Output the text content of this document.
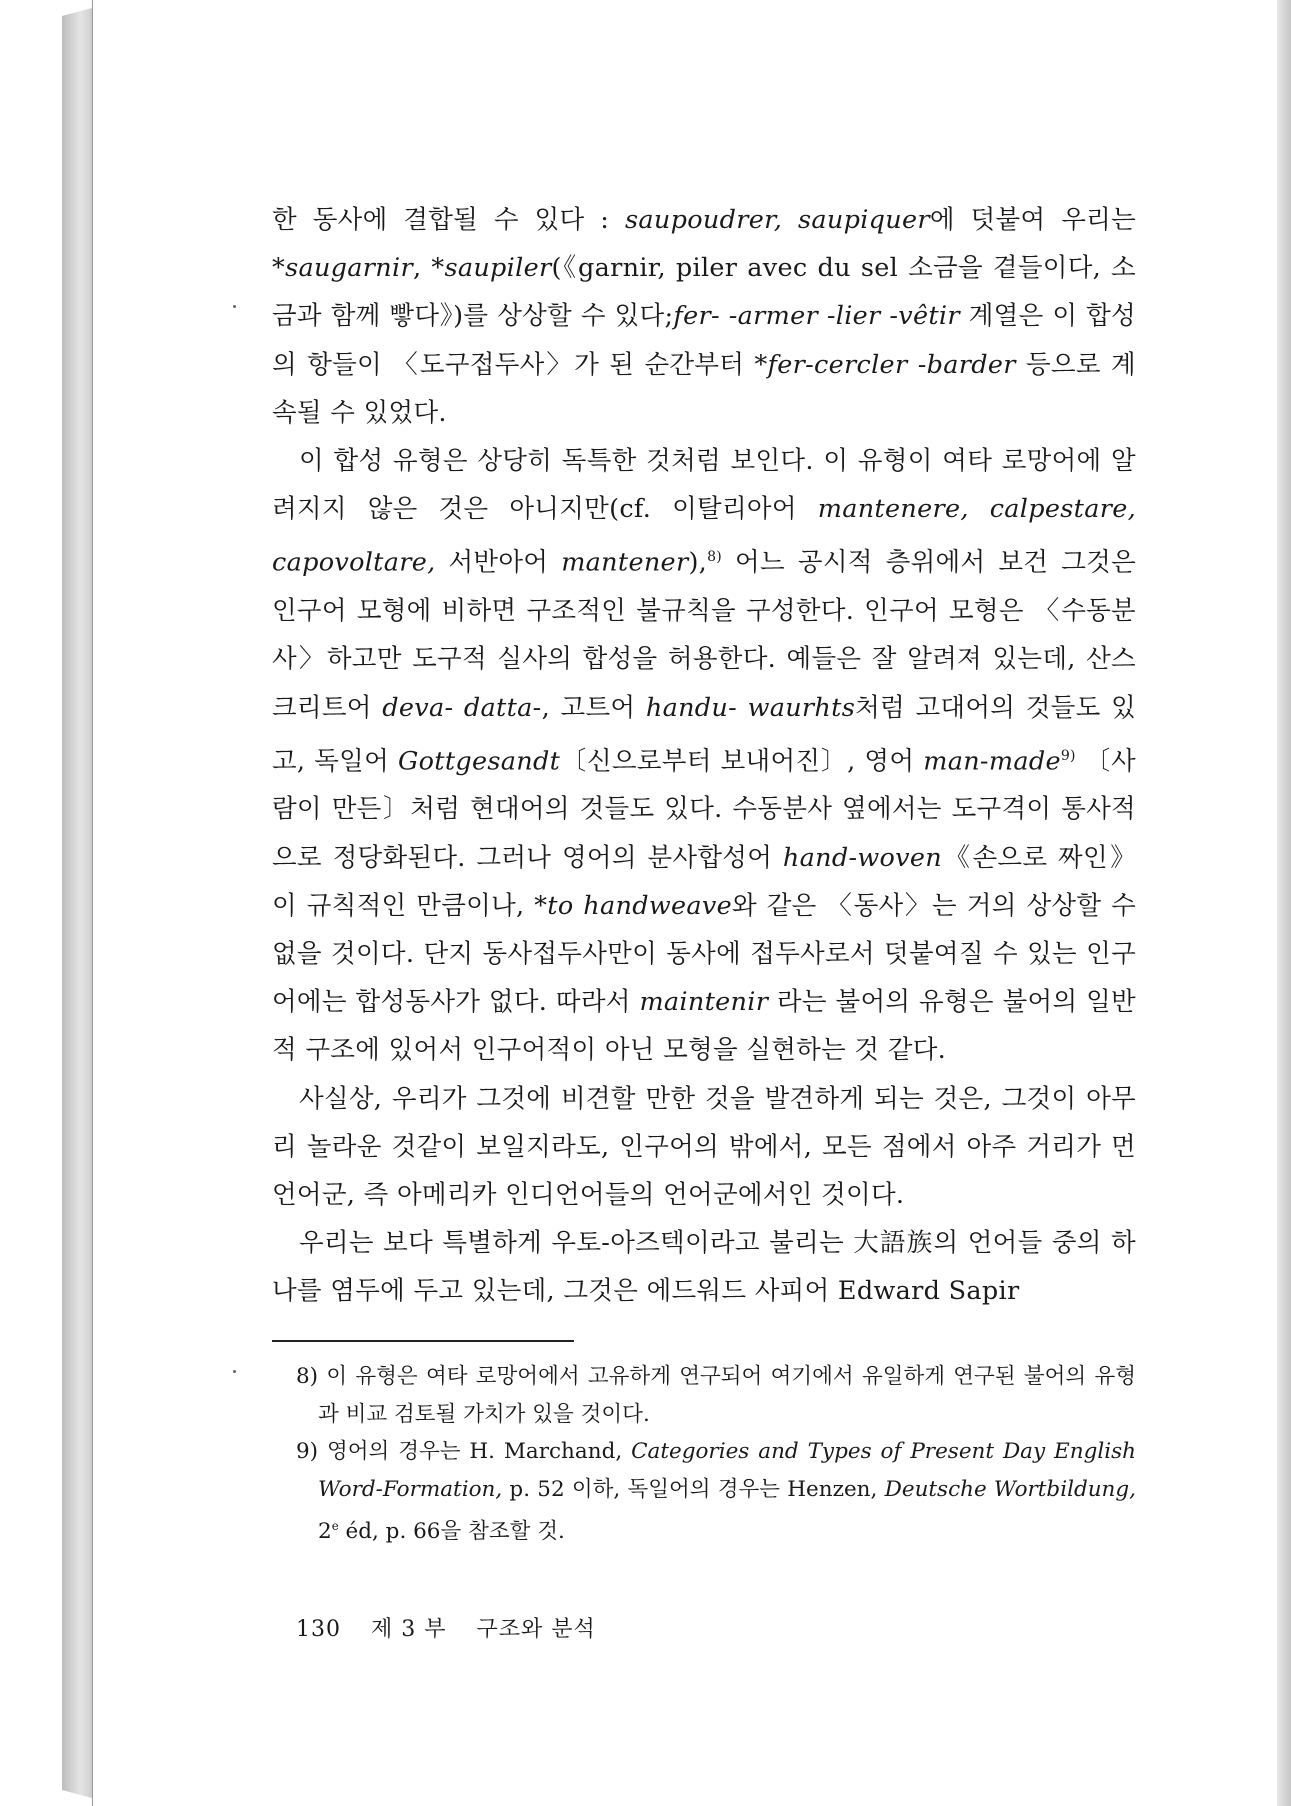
한 동사에 결합될 수 있다 : saupoudrer, saupiquer에 덧붙여 우리는 *saugarnir, *saupiler(《garnir, piler avec du sel 소금을 곁들이다, 소금과 함께 빻다》)를 상상할 수 있다;fer- -armer -lier -vêtir 계열은 이 합성의 항들이 〈도구접두사〉가 된 순간부터 *fer-cercler -barder 등으로 계속될 수 있었다.

이 합성 유형은 상당히 독특한 것처럼 보인다. 이 유형이 여타 로망어에 알려지지 않은 것은 아니지만(cf. 이탈리아어 mantenere, calpestare, capovoltare, 서반아어 mantener),$^{8)}$ 어느 공시적 층위에서 보건 그것은 인구어 모형에 비하면 구조적인 불규칙을 구성한다. 인구어 모형은 〈수동분사〉하고만 도구적 실사의 합성을 허용한다. 예들은 잘 알려져 있는데, 산스크리트어 deva- datta-, 고트어 handu- waurhts처럼 고대어의 것들도 있고, 독일어 Gottgesandt〔신으로부터 보내어진〕, 영어 man-made$^{9)}$ 〔사람이 만든〕처럼 현대어의 것들도 있다. 수동분사 옆에서는 도구격이 통사적으로 정당화된다. 그러나 영어의 분사합성어 hand-woven《손으로 짜인》이 규칙적인 만큼이나, *to handweave와 같은 〈동사〉는 거의 상상할 수 없을 것이다. 단지 동사접두사만이 동사에 접두사로서 덧붙여질 수 있는 인구어에는 합성동사가 없다. 따라서 maintenir 라는 불어의 유형은 불어의 일반적 구조에 있어서 인구어적이 아닌 모형을 실현하는 것 같다.

사실상, 우리가 그것에 비견할 만한 것을 발견하게 되는 것은, 그것이 아무리 놀라운 것같이 보일지라도, 인구어의 밖에서, 모든 점에서 아주 거리가 먼 언어군, 즉 아메리카 인디언어들의 언어군에서인 것이다.

우리는 보다 특별하게 우토-아즈텍이라고 불리는 大語族의 언어들 중의 하나를 염두에 두고 있는데, 그것은 에드워드 사피어 Edward Sapir

8) 이 유형은 여타 로망어에서 고유하게 연구되어 여기에서 유일하게 연구된 불어의 유형과 비교 검토될 가치가 있을 것이다.

9) 영어의 경우는 H. Marchand, Categories and Types of Present Day English Word-Formation, p. 52 이하, 독일어의 경우는 Henzen, Deutsche Wortbildung, 2e éd, p. 66을 참조할 것.

130 제 3 부 구조와 분석
